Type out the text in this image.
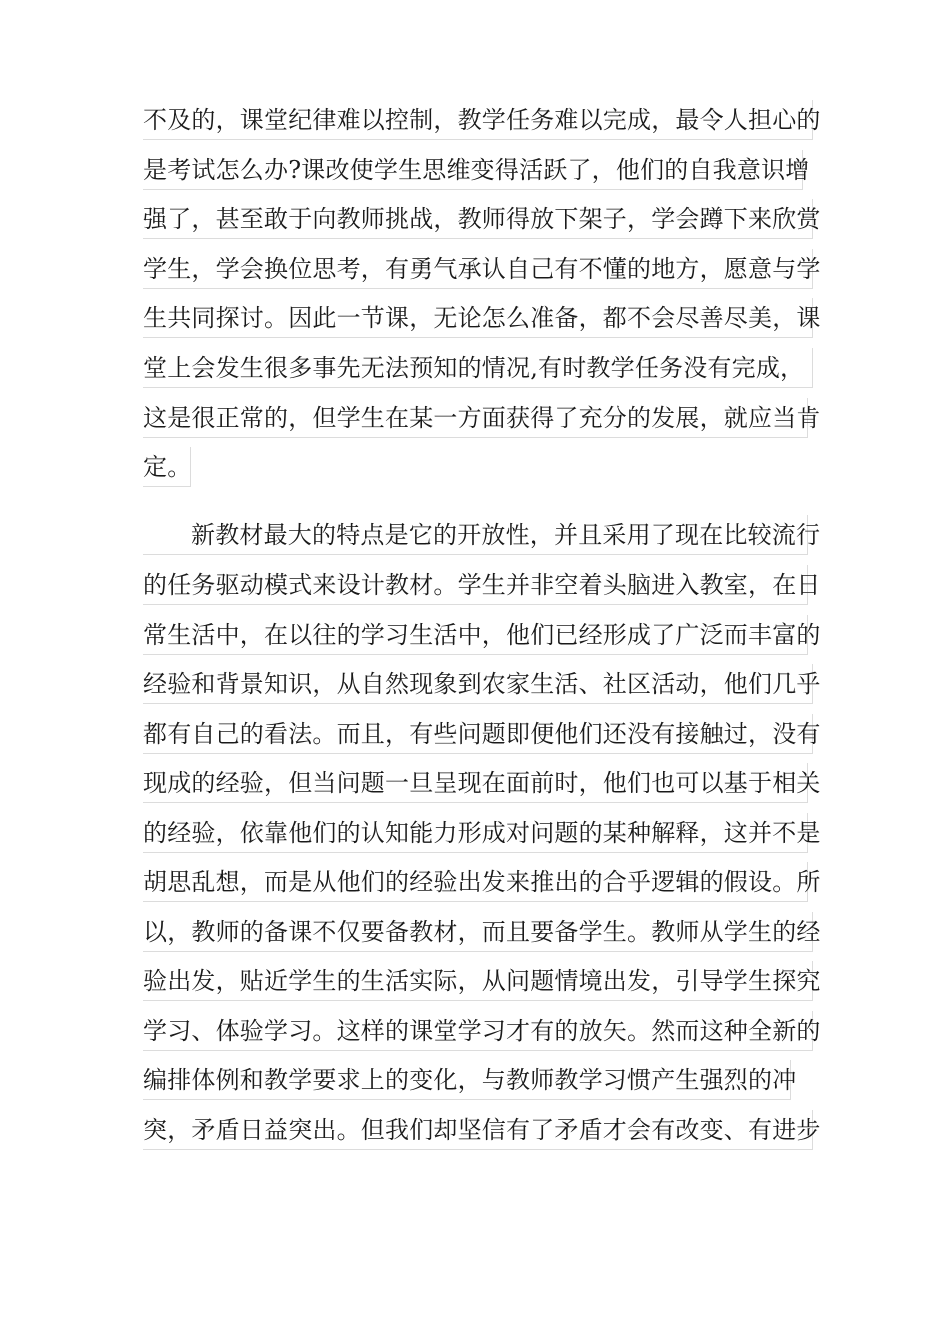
不及的，课堂纪律难以控制，教学任务难以完成，最令人担心的
是考试怎么办?课改使学生思维变得活跃了，他们的自我意识增
强了，甚至敢于向教师挑战，教师得放下架子，学会蹲下来欣赏
学生，学会换位思考，有勇气承认自己有不懂的地方，愿意与学
生共同探讨。因此一节课，无论怎么准备，都不会尽善尽美，课
堂上会发生很多事先无法预知的情况,有时教学任务没有完成，
这是很正常的，但学生在某一方面获得了充分的发展，就应当肯
定。
新教材最大的特点是它的开放性，并且采用了现在比较流行
的任务驱动模式来设计教材。学生并非空着头脑进入教室，在日
常生活中，在以往的学习生活中，他们已经形成了广泛而丰富的
经验和背景知识，从自然现象到农家生活、社区活动，他们几乎
都有自己的看法。而且，有些问题即便他们还没有接触过，没有
现成的经验，但当问题一旦呈现在面前时，他们也可以基于相关
的经验，依靠他们的认知能力形成对问题的某种解释，这并不是
胡思乱想，而是从他们的经验出发来推出的合乎逻辑的假设。所
以，教师的备课不仅要备教材，而且要备学生。教师从学生的经
验出发，贴近学生的生活实际，从问题情境出发，引导学生探究
学习、体验学习。这样的课堂学习才有的放矢。然而这种全新的
编排体例和教学要求上的变化，与教师教学习惯产生强烈的冲
突，矛盾日益突出。但我们却坚信有了矛盾才会有改变、有进步
